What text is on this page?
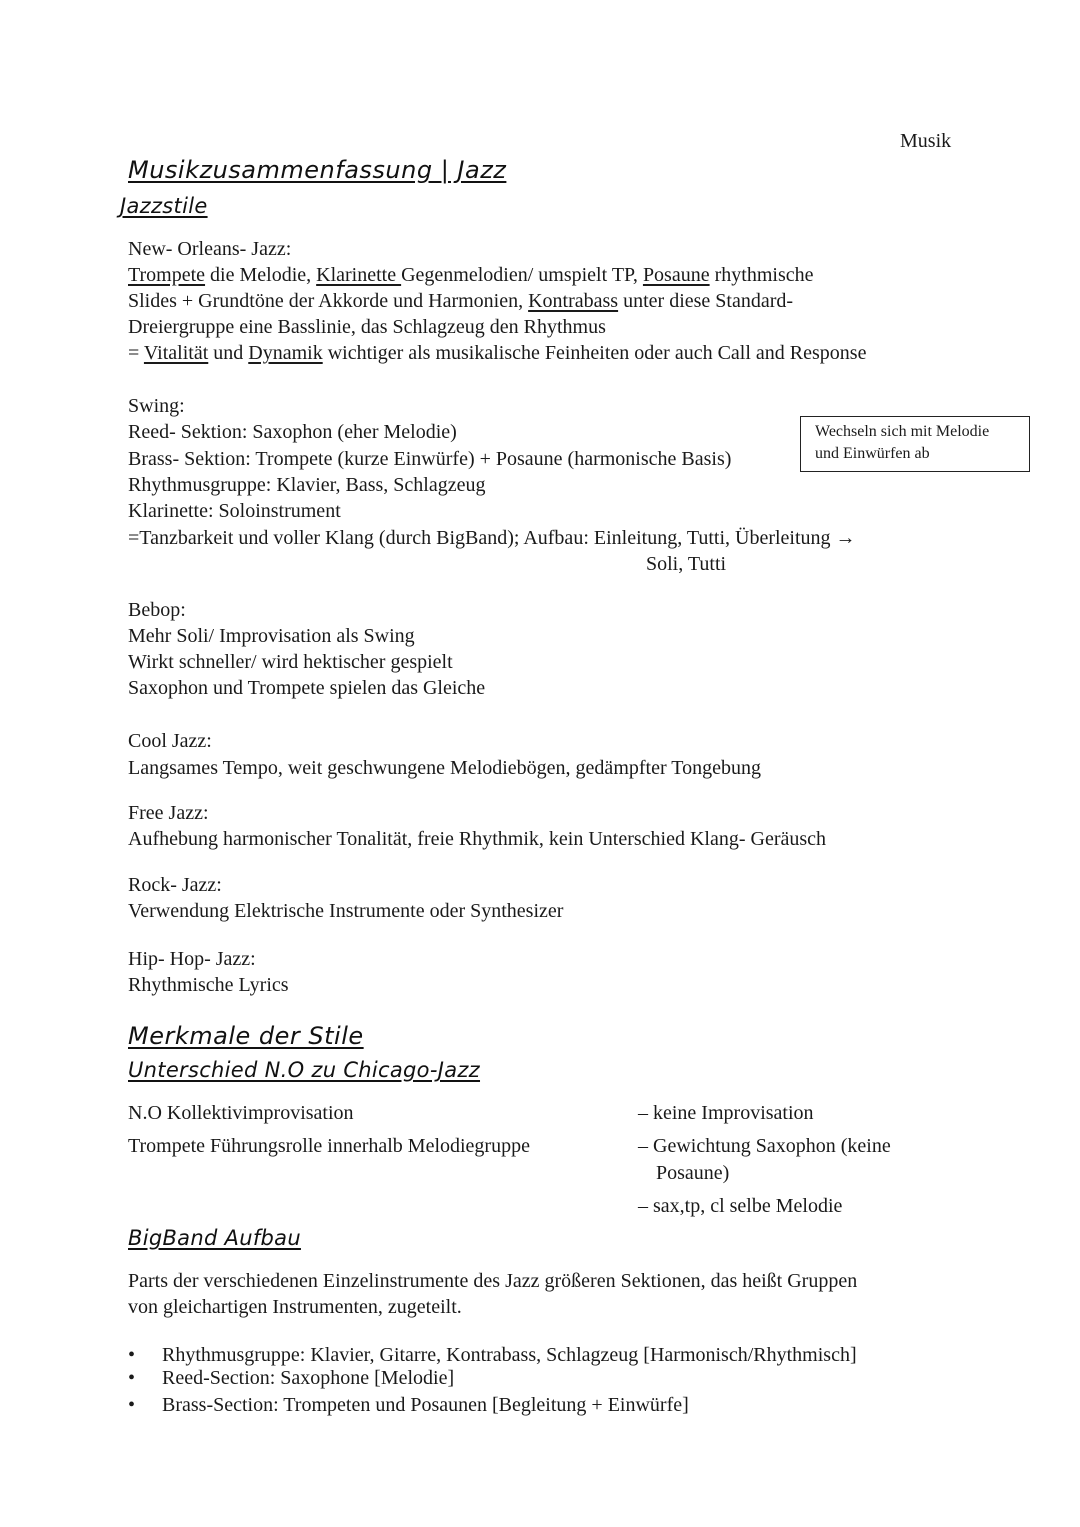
Musik
Musikzusammenfassung | Jazz
Jazzstile
New- Orleans- Jazz:
Trompete die Melodie, Klarinette Gegenmelodien/ umspielt TP, Posaune rhythmische
Slides + Grundtöne der Akkorde und Harmonien, Kontrabass unter diese Standard-
Dreiergruppe eine Basslinie, das Schlagzeug den Rhythmus
= Vitalität und Dynamik wichtiger als musikalische Feinheiten oder auch Call and Response
Swing:
Reed- Sektion: Saxophon (eher Melodie)
Brass- Sektion: Trompete (kurze Einwürfe) + Posaune (harmonische Basis)
Rhythmusgruppe: Klavier, Bass, Schlagzeug
Klarinette: Soloinstrument
=Tanzbarkeit und voller Klang (durch BigBand); Aufbau: Einleitung, Tutti, Überleitung →
Soli, Tutti
Wechseln sich mit Melodie
und Einwürfen ab
Bebop:
Mehr Soli/ Improvisation als Swing
Wirkt schneller/ wird hektischer gespielt
Saxophon und Trompete spielen das Gleiche
Cool Jazz:
Langsames Tempo, weit geschwungene Melodiebögen, gedämpfter Tongebung
Free Jazz:
Aufhebung harmonischer Tonalität, freie Rhythmik, kein Unterschied Klang- Geräusch
Rock- Jazz:
Verwendung Elektrische Instrumente oder Synthesizer
Hip- Hop- Jazz:
Rhythmische Lyrics
Merkmale der Stile
Unterschied N.O zu Chicago-Jazz
N.O Kollektivimprovisation
Trompete Führungsrolle innerhalb Melodiegruppe
– keine Improvisation
– Gewichtung Saxophon (keine
Posaune)
– sax,tp, cl selbe Melodie
BigBand Aufbau
Parts der verschiedenen Einzelinstrumente des Jazz größeren Sektionen, das heißt Gruppen
von gleichartigen Instrumenten, zugeteilt.
• Rhythmusgruppe: Klavier, Gitarre, Kontrabass, Schlagzeug [Harmonisch/Rhythmisch]
• Reed-Section: Saxophone [Melodie]
• Brass-Section: Trompeten und Posaunen [Begleitung + Einwürfe]
